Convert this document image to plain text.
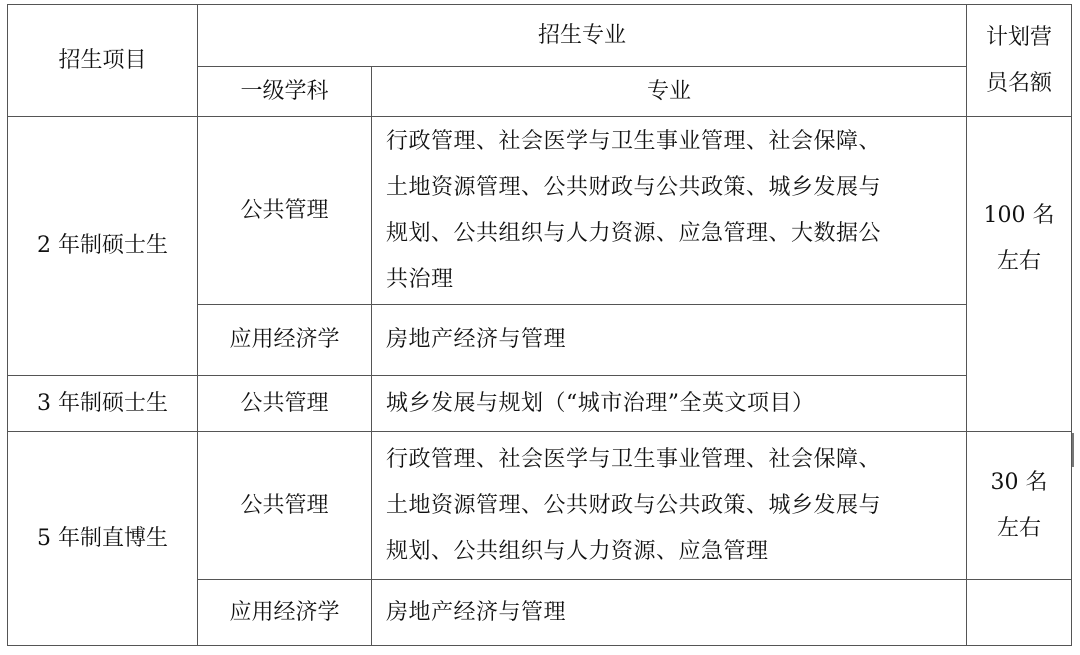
招生项目	招生专业		计划营
员名额

	一级学科	专业	
2 年制硕士生	公共管理	行政管理、社会医学与卫生事业管理、社会保障、
土地资源管理、公共财政与公共政策、城乡发展与
规划、公共组织与人力资源、应急管理、大数据公
共治理	100 名
左右

	应用经济学	房地产经济与管理	

3 年制硕士生	公共管理	城乡发展与规划（“城市治理”全英文项目）	

5 年制直博生	公共管理	行政管理、社会医学与卫生事业管理、社会保障、
土地资源管理、公共财政与公共政策、城乡发展与
规划、公共组织与人力资源、应急管理	30 名
左右

	应用经济学	房地产经济与管理	
